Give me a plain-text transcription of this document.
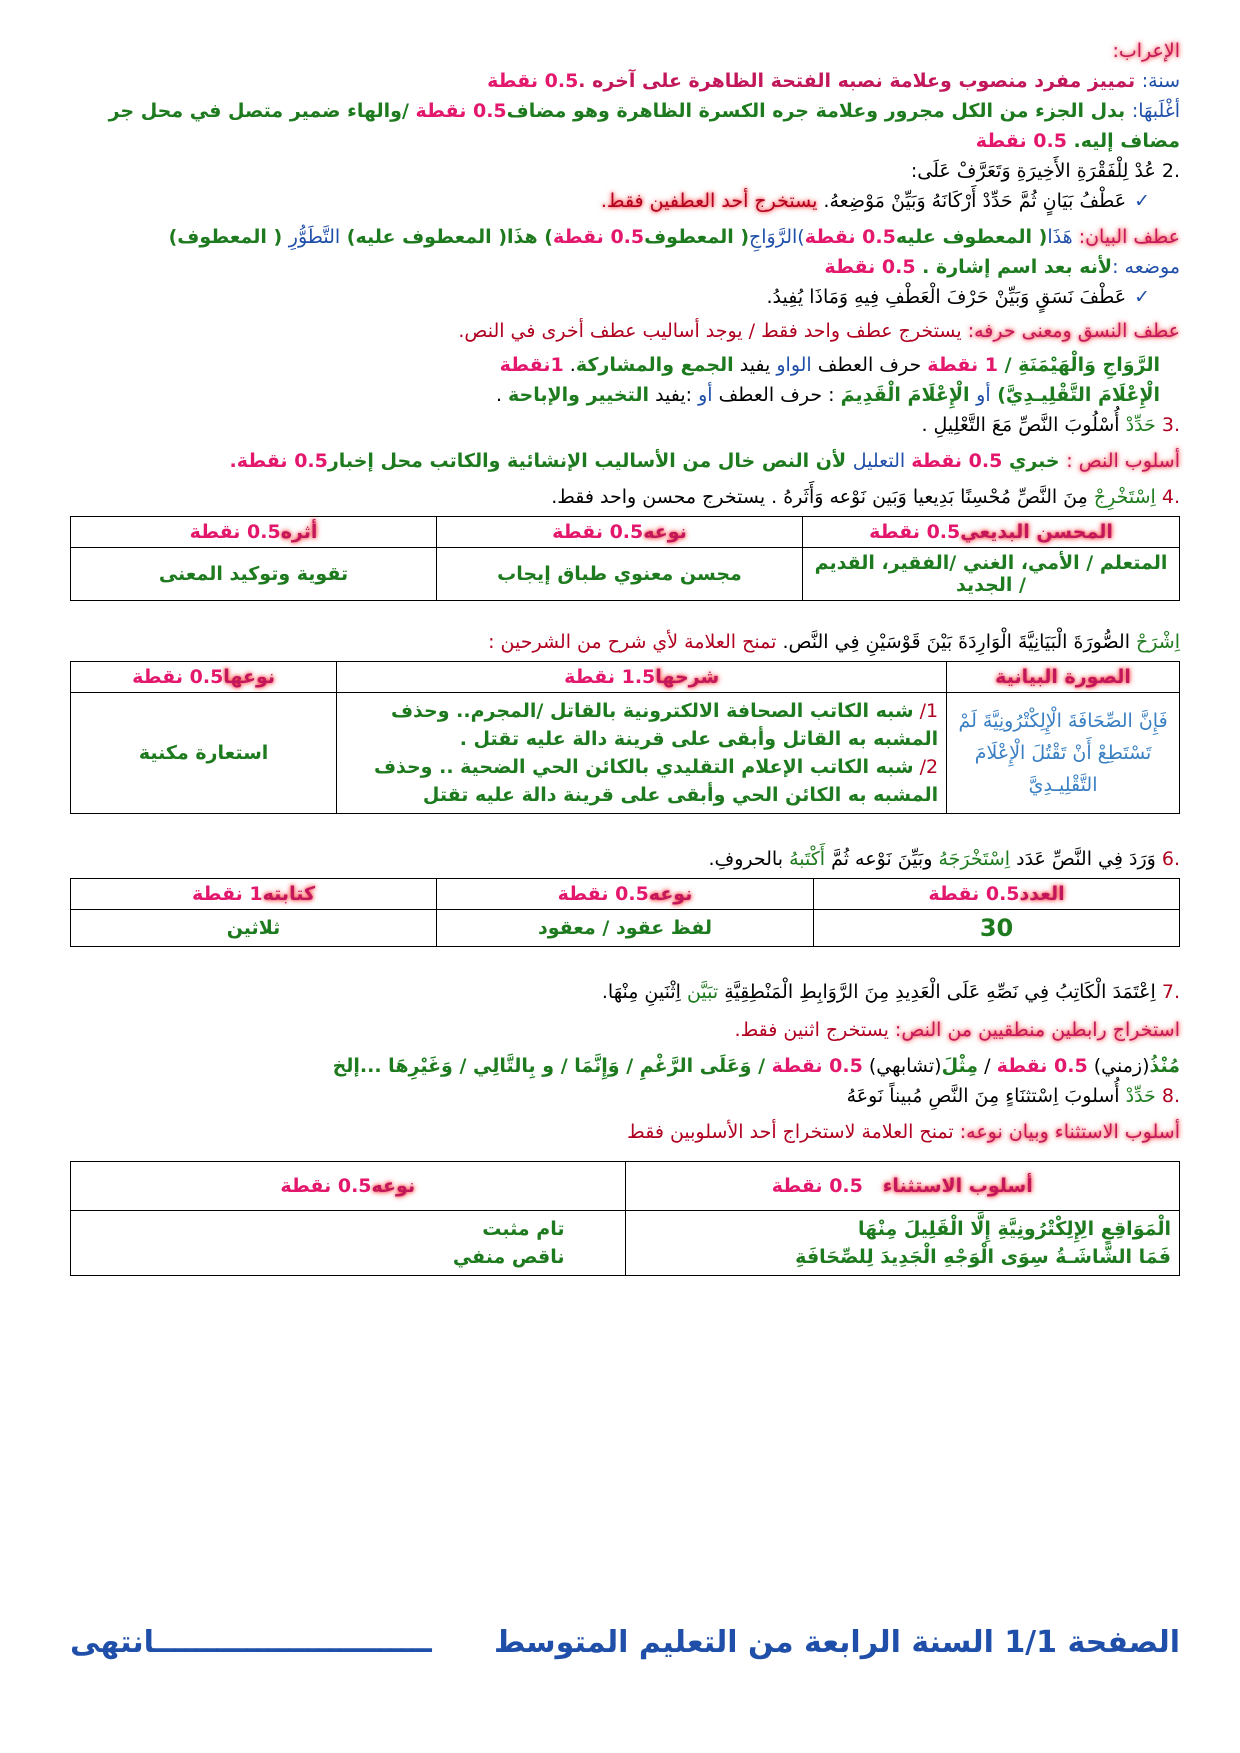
الإعراب:

سنة: تمييز مفرد منصوب وعلامة نصبه الفتحة الظاهرة على آخره .0.5 نقطة

أغْلَبهَا: بدل الجزء من الكل مجرور وعلامة جره الكسرة الظاهرة وهو مضاف0.5 نقطة /والهاء ضمير متصل في محل جر مضاف إليه. 0.5 نقطة

.2 عُدْ لِلْفَقْرَةِ الأَخِيرَةِ وَتَعَرَّفْ عَلَى:

✓عَطْفُ بَيَانٍ ثُمَّ حَدِّدْ أَرْكَانَهُ وَبَيِّنْ مَوْضِعهُ. يستخرج أحد العطفين فقط.

عطف البيان: هَذَا( المعطوف عليه0.5 نقطة)الرَّوَاجِ( المعطوف0.5 نقطة) هذَا( المعطوف عليه) التَّطَوُّرِ ( المعطوف)

موضعه :لأنه بعد اسم إشارة . 0.5 نقطة

✓عَطْفَ نَسَقٍ وَبَيِّنْ حَرْفَ الْعَطْفِ فِيهِ وَمَاذَا يُفِيدُ.

عطف النسق ومعنى حرفه: يستخرج عطف واحد فقط / يوجد أساليب عطف أخرى في النص.

الرَّوَاجِ وَالْهَيْمَنَةِ / 1 نقطة حرف العطف الواو يفيد الجمع والمشاركة. 1نقطة

الْإِعْلَامَ التَّقْلِيـدِيَّ) أو الْإِعْلَامَ الْقَدِيمَ : حرف العطف أو :يفيد التخيير والإباحة .

.3 حَدِّدْ أُسْلُوبَ النَّصِّ مَعَ التَّعْلِيلِ .

أسلوب النص : خبري 0.5 نقطة التعليل لأن النص خال من الأساليب الإنشائية والكاتب محل إخبار0.5 نقطة.

.4 اِسْتَخْرِجْ مِنَ النَّصِّ مُحْسِنًا بَدِيعيا وَبَين نَوْعه وَأَثَرهُ . يستخرج محسن واحد فقط.

المحسن البديعي0.5 نقطة	نوعه0.5 نقطة	أثره0.5 نقطة
المتعلم / الأمي، الغني /الفقير، القديم / الجديد	مجسن معنوي طباق إيجاب	تقوية وتوكيد المعنى

اِشْرَحْ الصُّورَةَ الْبَيَانِيَّةَ الْوَارِدَةَ بَيْنَ قَوْسَيْنِ فِي النَّص. تمنح العلامة لأي شرح من الشرحين :

الصورة البيانية	شرحها1.5 نقطة	نوعها0.5 نقطة
فَإِنَّ الصِّحَافَةَ الْإِلِكْتْرُونِيَّةَ لَمْ تَسْتَطِعْ أَنْ تَقْتُلَ الْإِعْلَامَ التَّقْلِيـدِيَّ	1/ شبه الكاتب الصحافة الالكترونية بالقاتل /المجرم.. وحذف المشبه به القاتل وأبقى على قرينة دالة عليه تقتل .
2/ شبه الكاتب الإعلام التقليدي بالكائن الحي الضحية .. وحذف المشبه به الكائن الحي وأبقى على قرينة دالة عليه تقتل	استعارة مكنية

.6 وَرَدَ فِي النَّصِّ عَدَد اِسْتَخْرَجَهُ وبَيِّنَ نَوْعه ثُمَّ أَكْتَبهُ بالحروفِ.

العدد0.5 نقطة	نوعه0.5 نقطة	كتابته1 نقطة
30	لفظ عقود / معقود	ثلاثين

.7 اِعْتَمَدَ الْكَاتِبُ فِي نَصِّهِ عَلَى الْعَدِيدِ مِنَ الرَّوَابِطِ الْمَنْطِقِيَّةِ تبَيَّن اِثْنَينِ مِنْهَا.

استخراج رابطين منطقيين من النص: يستخرج اثنين فقط.

مُنْذُ(زمني) 0.5 نقطة / مِثْلَ(تشابهي) 0.5 نقطة / وَعَلَى الرَّغْمِ / وَإِنَّمَا / و بِالتَّالِي / وَغَيْرِهَا ...إلخ

.8 حَدِّدْ أُسلوبَ اِسْتثنَاءٍ مِنَ النَّصِ مُبيناً نَوعَهُ

أسلوب الاستثناء وبيان نوعه: تمنح العلامة لاستخراج أحد الأسلوبين فقط

أسلوب الاستثناء   0.5 نقطة	نوعه0.5 نقطة
الْمَوَاقِعِ الِإِلِكْتْرُونِيَّةِ إِلَّا الْقَلِيلَ مِنْهَا
فَمَا الشَّاشَـةُ سِوَى الْوَجْهِ الْجَدِيدَ لِلصِّحَافَةِ	تام مثبت
ناقص منفي
الصفحة 1/1 السنة الرابعة من التعليم المتوسط
ـــــــــــــــــــــــــــانتهى
